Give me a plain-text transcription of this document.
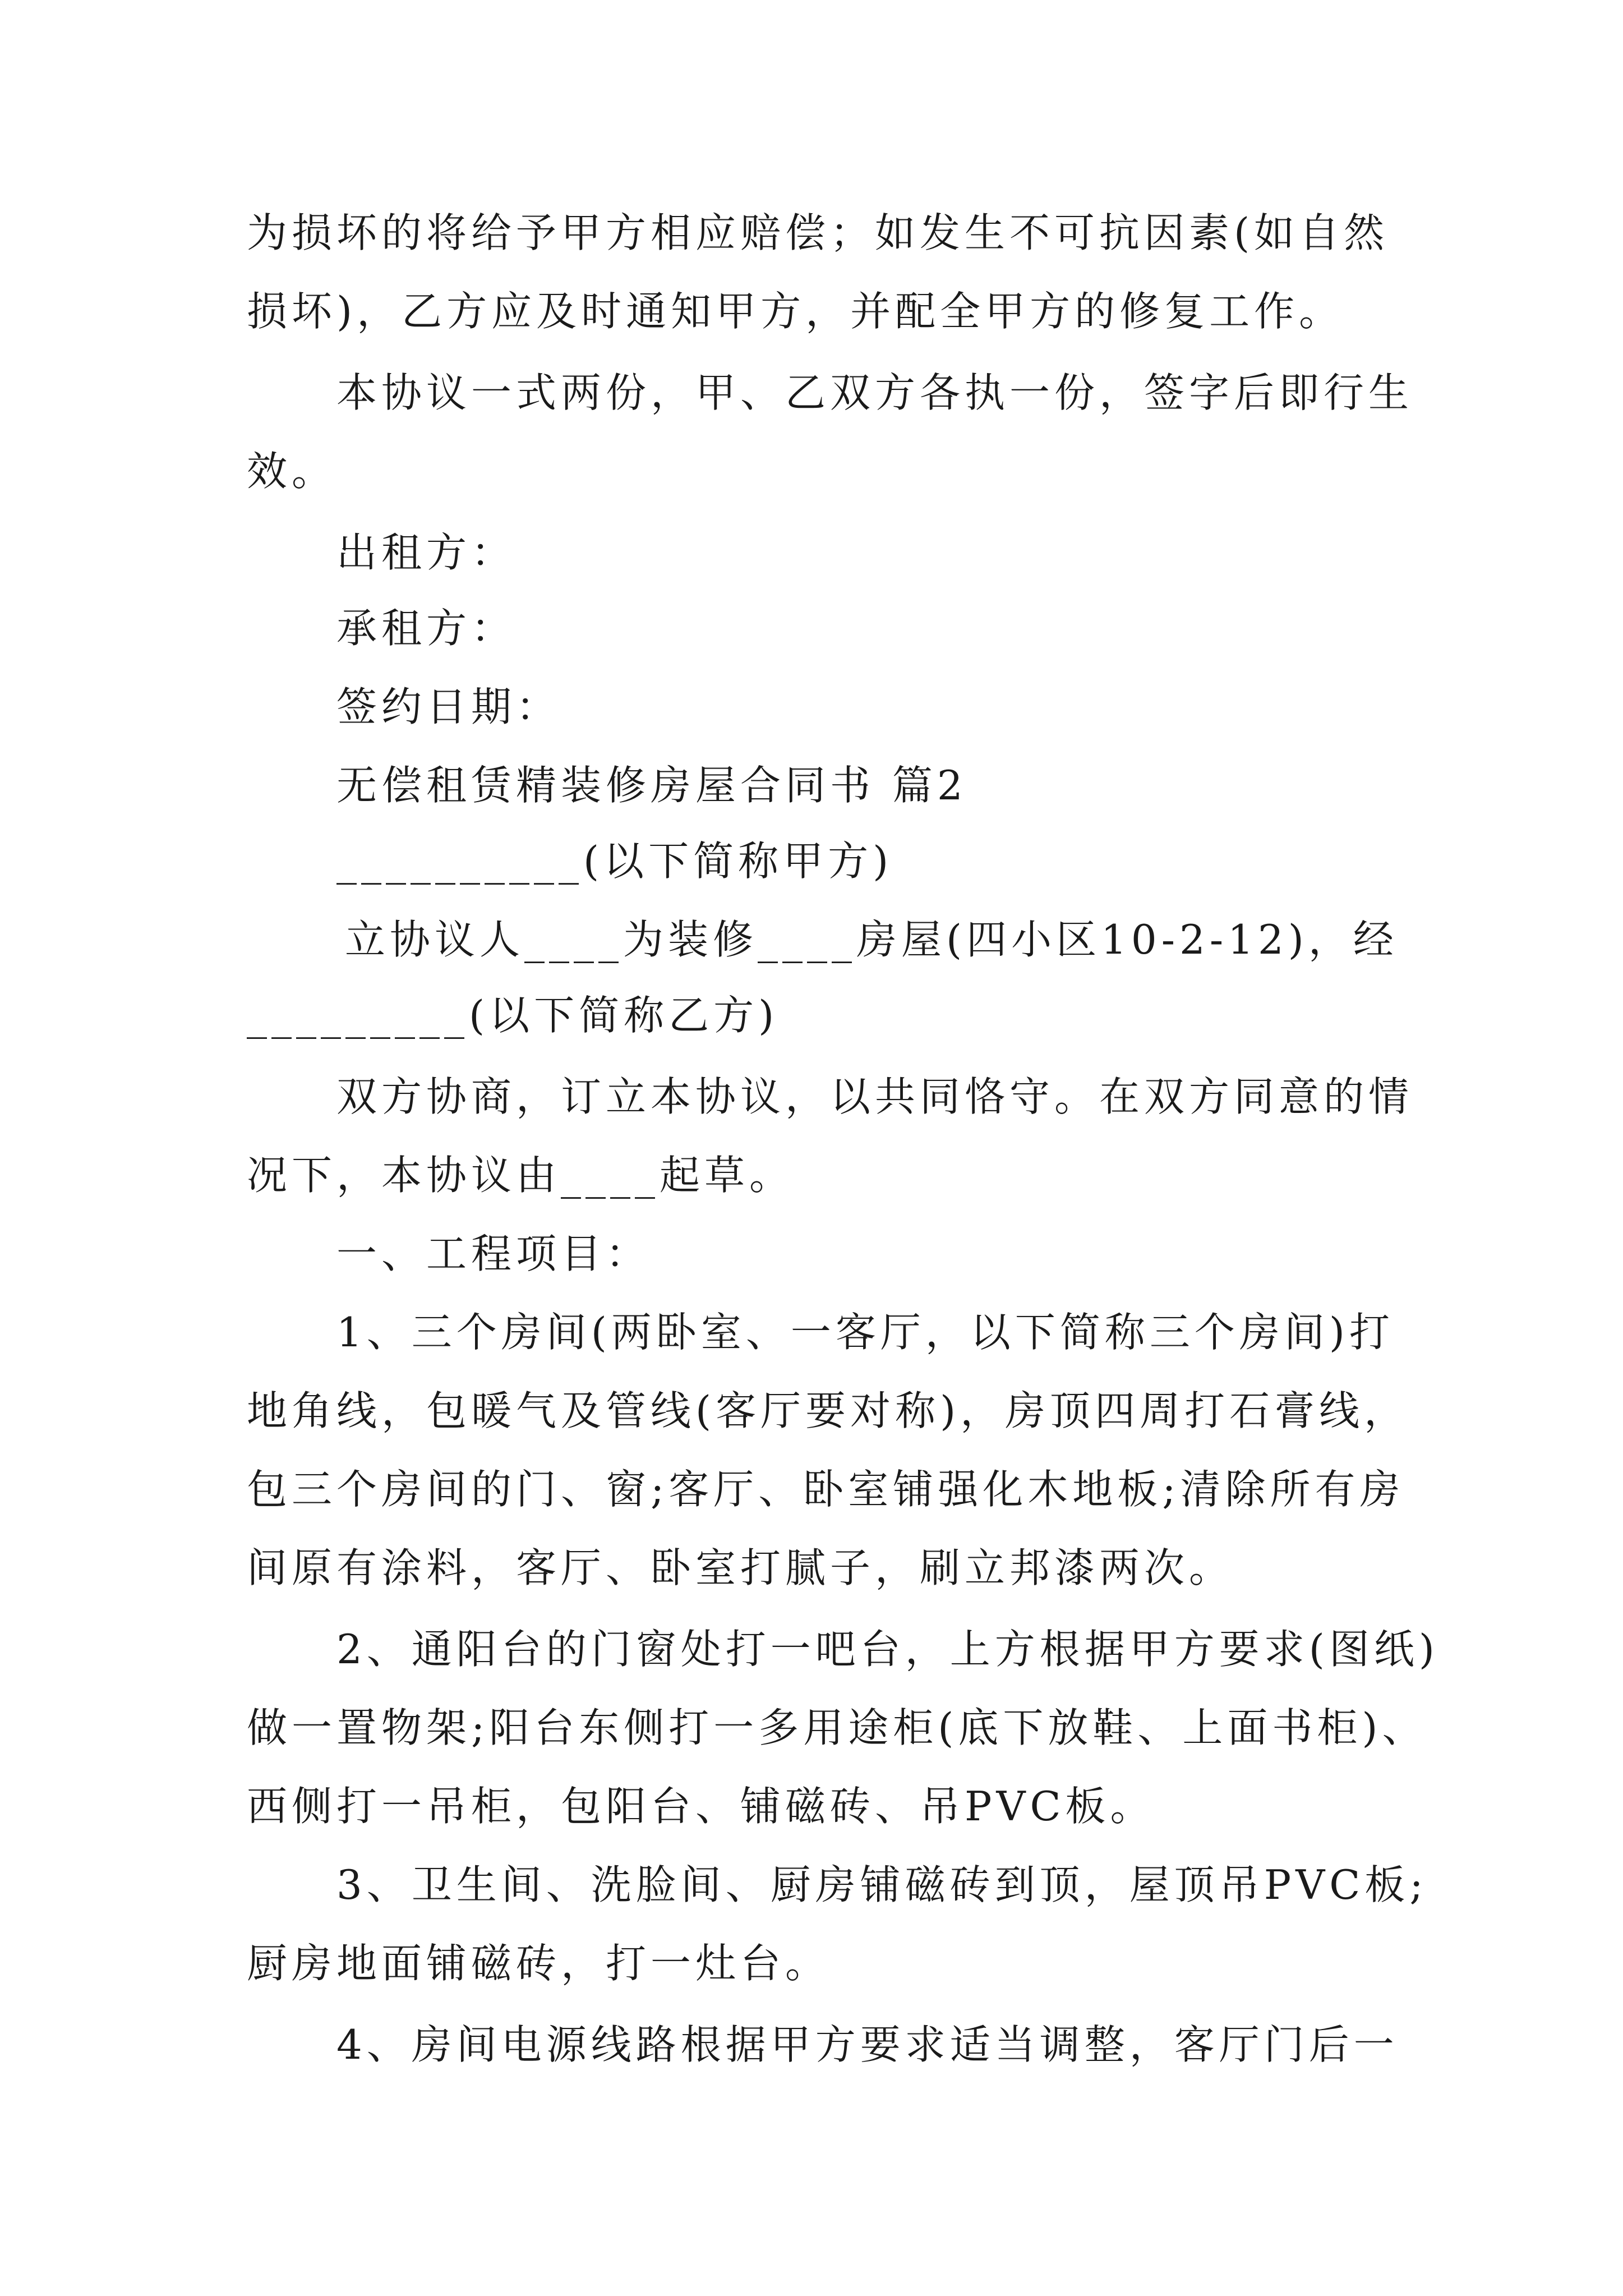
为损坏的将给予甲方相应赔偿；如发生不可抗因素(如自然
损坏)，乙方应及时通知甲方，并配全甲方的修复工作。
本协议一式两份，甲、乙双方各执一份，签字后即行生
效。
出租方：
承租方：
签约日期：
无偿租赁精装修房屋合同书 篇2
__________(以下简称甲方)
立协议人____为装修____房屋(四小区10-2-12)，经
_________(以下简称乙方)
双方协商，订立本协议，以共同恪守。在双方同意的情
况下，本协议由____起草。
一、工程项目：
1、三个房间(两卧室、一客厅，以下简称三个房间)打
地角线，包暖气及管线(客厅要对称)，房顶四周打石膏线，
包三个房间的门、窗;客厅、卧室铺强化木地板;清除所有房
间原有涂料，客厅、卧室打腻子，刷立邦漆两次。
2、通阳台的门窗处打一吧台，上方根据甲方要求(图纸)
做一置物架;阳台东侧打一多用途柜(底下放鞋、上面书柜)、
西侧打一吊柜，包阳台、铺磁砖、吊PVC板。
3、卫生间、洗脸间、厨房铺磁砖到顶，屋顶吊PVC板;
厨房地面铺磁砖，打一灶台。
4、房间电源线路根据甲方要求适当调整，客厅门后一
